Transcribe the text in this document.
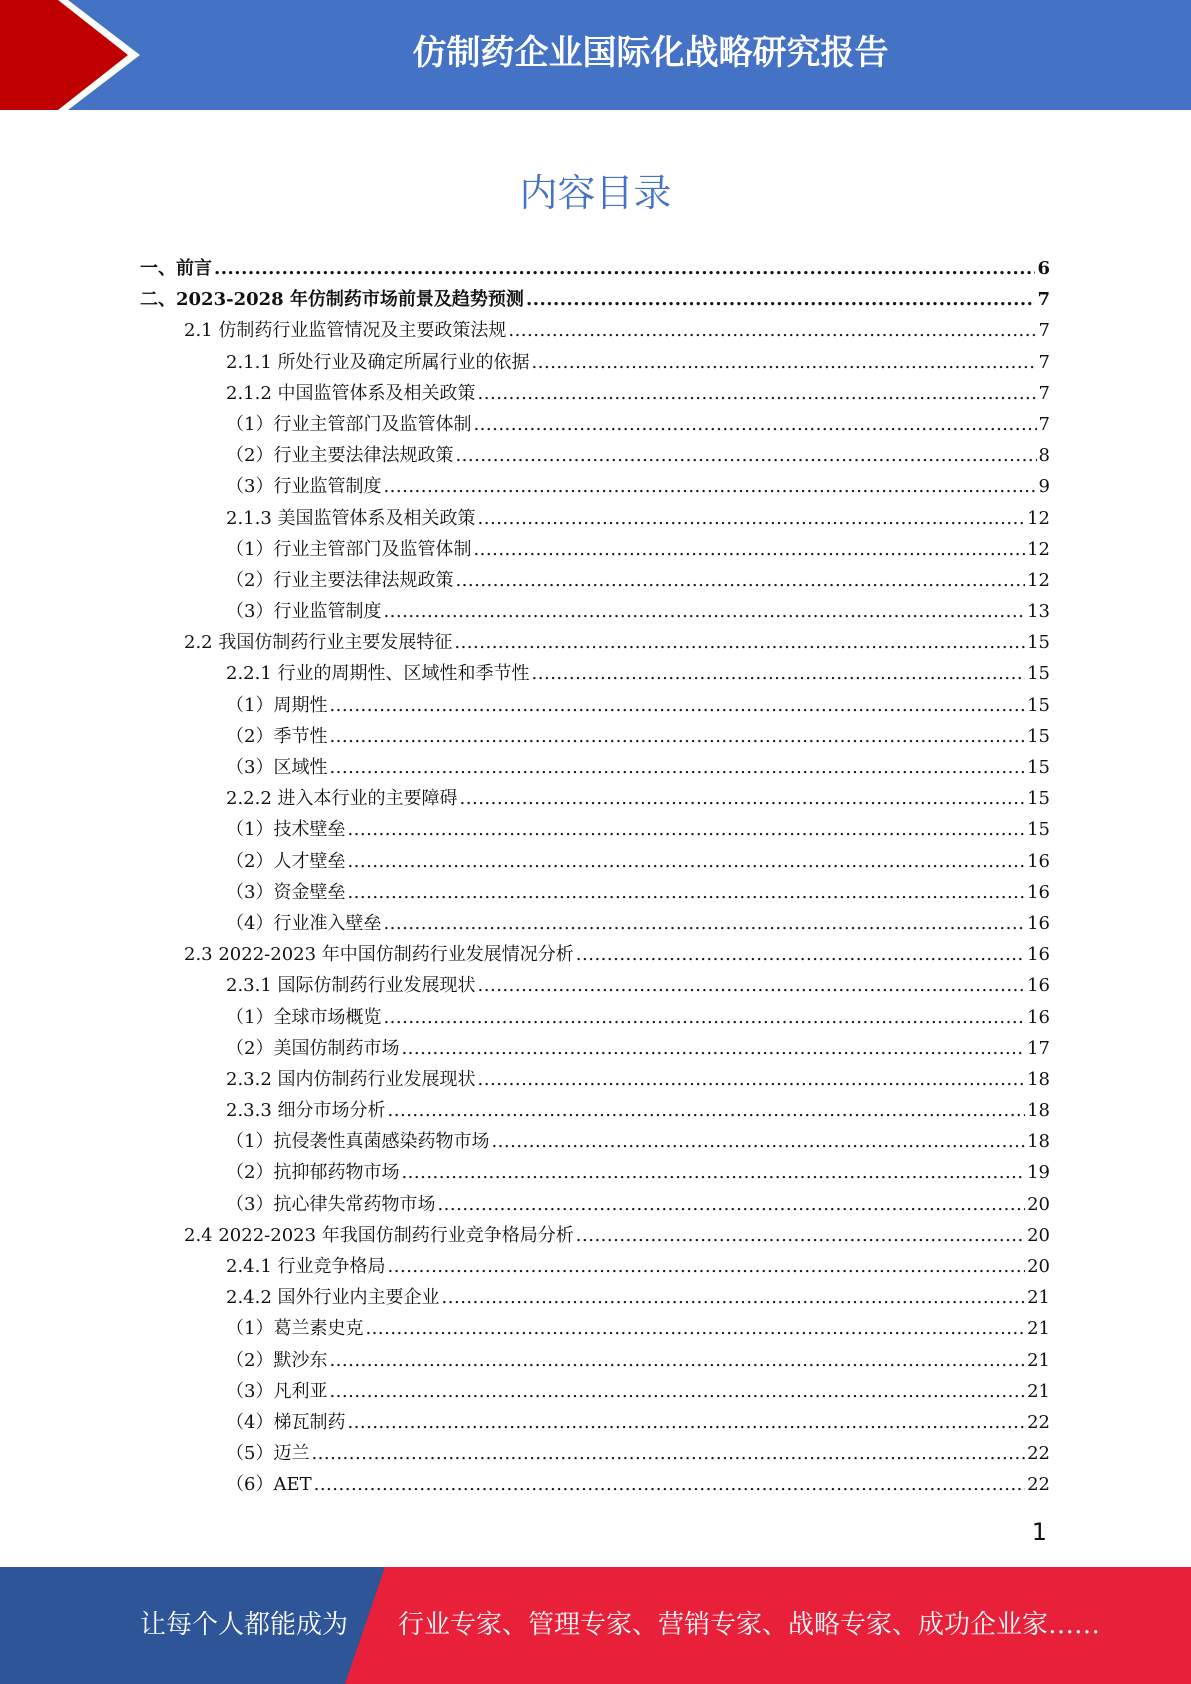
仿制药企业国际化战略研究报告
内容目录
一、前言 .....	6
二、2023-2028 年仿制药市场前景及趋势预测 .....	7
2.1 仿制药行业监管情况及主要政策法规 .....	7
2.1.1 所处行业及确定所属行业的依据 .....	7
2.1.2 中国监管体系及相关政策 .....	7
（1）行业主管部门及监管体制 .....	7
（2）行业主要法律法规政策 .....	8
（3）行业监管制度 .....	9
2.1.3 美国监管体系及相关政策 .....	12
（1）行业主管部门及监管体制 .....	12
（2）行业主要法律法规政策 .....	12
（3）行业监管制度 .....	13
2.2 我国仿制药行业主要发展特征 .....	15
2.2.1 行业的周期性、区域性和季节性 .....	15
（1）周期性 .....	15
（2）季节性 .....	15
（3）区域性 .....	15
2.2.2 进入本行业的主要障碍 .....	15
（1）技术壁垒 .....	15
（2）人才壁垒 .....	16
（3）资金壁垒 .....	16
（4）行业准入壁垒 .....	16
2.3 2022-2023 年中国仿制药行业发展情况分析 .....	16
2.3.1 国际仿制药行业发展现状 .....	16
（1）全球市场概览 .....	16
（2）美国仿制药市场 .....	17
2.3.2 国内仿制药行业发展现状 .....	18
2.3.3 细分市场分析 .....	18
（1）抗侵袭性真菌感染药物市场 .....	18
（2）抗抑郁药物市场 .....	19
（3）抗心律失常药物市场 .....	20
2.4 2022-2023 年我国仿制药行业竞争格局分析 .....	20
2.4.1 行业竞争格局 .....	20
2.4.2 国外行业内主要企业 .....	21
（1）葛兰素史克 .....	21
（2）默沙东 .....	21
（3）凡利亚 .....	21
（4）梯瓦制药 .....	22
（5）迈兰 .....	22
（6）AET .....	22
1
让每个人都能成为 行业专家、管理专家、营销专家、战略专家、成功企业家……
